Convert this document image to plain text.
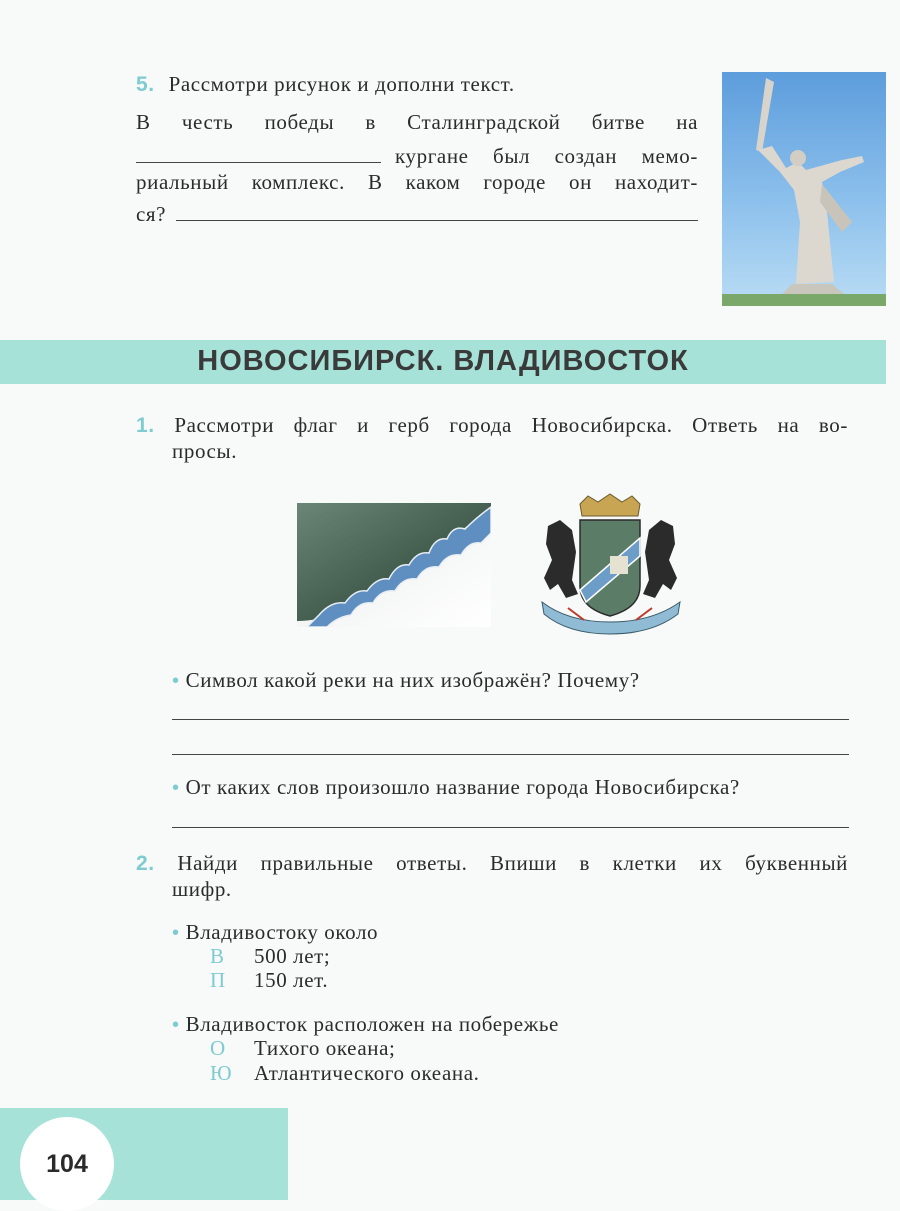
5. Рассмотри рисунок и дополни текст.
В честь победы в Сталинградской битве на
кургане был создан мемо-
риальный комплекс. В каком городе он находит-
ся?
НОВОСИБИРСК. ВЛАДИВОСТОК
1. Рассмотри флаг и герб города Новосибирска. Ответь на во-
просы.
• Символ какой реки на них изображён? Почему?
• От каких слов произошло название города Новосибирска?
2. Найди правильные ответы. Впиши в клетки их буквенный
шифр.
• Владивостоку около
В 500 лет;
П 150 лет.
• Владивосток расположен на побережье
О Тихого океана;
Ю Атлантического океана.
104
